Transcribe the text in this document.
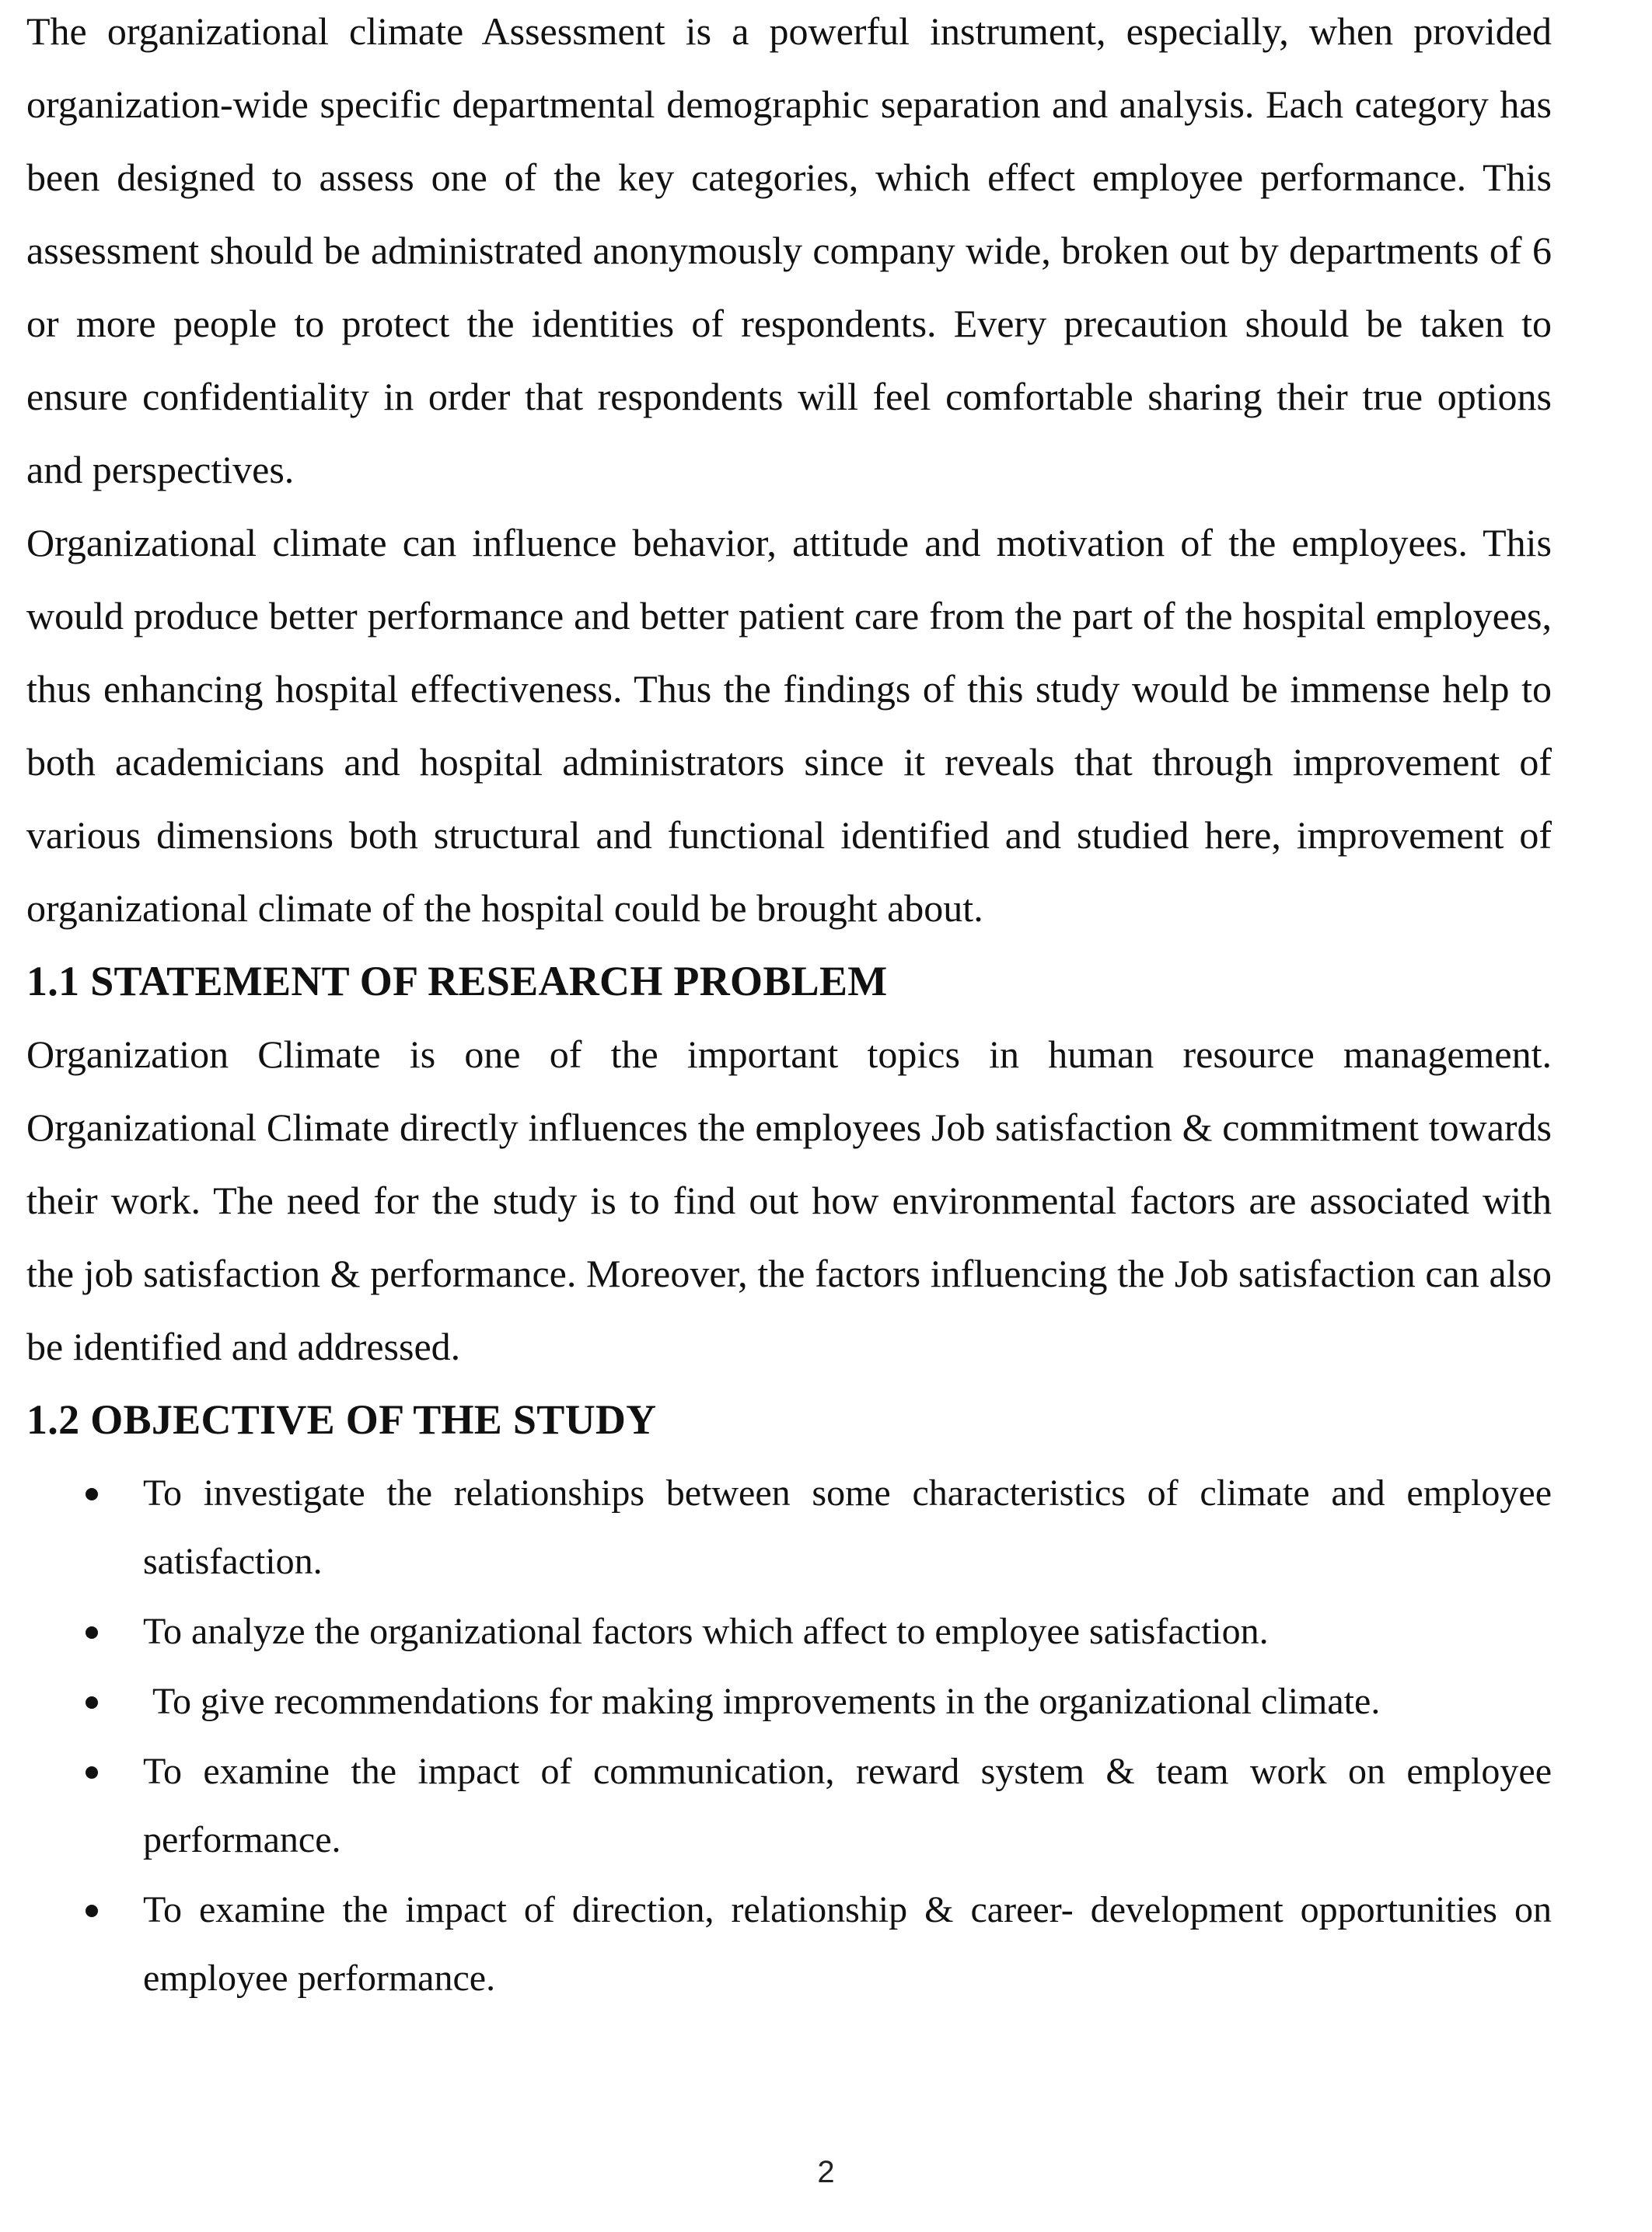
The organizational climate Assessment is a powerful instrument, especially, when provided organization-wide specific departmental demographic separation and analysis. Each category has been designed to assess one of the key categories, which effect employee performance. This assessment should be administrated anonymously company wide, broken out by departments of 6 or more people to protect the identities of respondents. Every precaution should be taken to ensure confidentiality in order that respondents will feel comfortable sharing their true options and perspectives.

Organizational climate can influence behavior, attitude and motivation of the employees. This would produce better performance and better patient care from the part of the hospital employees, thus enhancing hospital effectiveness. Thus the findings of this study would be immense help to both academicians and hospital administrators since it reveals that through improvement of various dimensions both structural and functional identified and studied here, improvement of organizational climate of the hospital could be brought about.

1.1 STATEMENT OF RESEARCH PROBLEM

Organization Climate is one of the important topics in human resource management. Organizational Climate directly influences the employees Job satisfaction & commitment towards their work. The need for the study is to find out how environmental factors are associated with the job satisfaction & performance. Moreover, the factors influencing the Job satisfaction can also be identified and addressed.

1.2 OBJECTIVE OF THE STUDY
To investigate the relationships between some characteristics of climate and employee satisfaction.
To analyze the organizational factors which affect to employee satisfaction.
To give recommendations for making improvements in the organizational climate.
To examine the impact of communication, reward system & team work on employee performance.
To examine the impact of direction, relationship & career- development opportunities on employee performance.
2
